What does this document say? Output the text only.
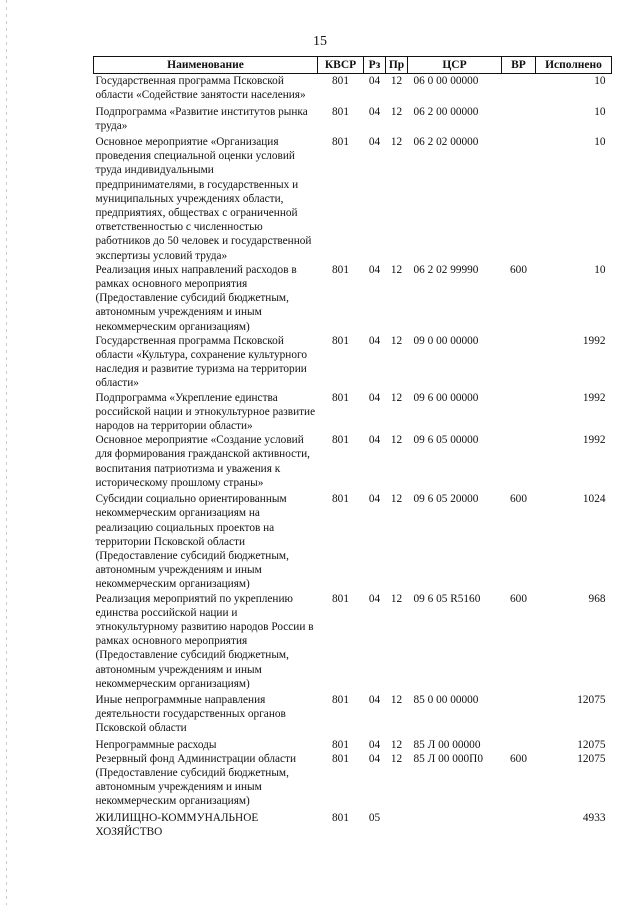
15
Наименование	КВСР	Рз	Пр	ЦСР	ВР	Исполнено
Государственная программа Псковской области «Содействие занятости населения»	801	04	12	06 0 00 00000		10
Подпрограмма «Развитие институтов рынка труда»	801	04	12	06 2 00 00000		10
Основное мероприятие «Организация проведения специальной оценки условий труда индивидуальными предпринимателями, в государственных и муниципальных учреждениях области, предприятиях, обществах с ограниченной ответственностью с численностью работников до 50 человек и государственной экспертизы условий труда»	801	04	12	06 2 02 00000		10
Реализация иных направлений расходов в рамках основного мероприятия (Предоставление субсидий бюджетным, автономным учреждениям и иным некоммерческим организациям)	801	04	12	06 2 02 99990	600	10
Государственная программа Псковской области «Культура, сохранение культурного наследия и развитие туризма на территории области»	801	04	12	09 0 00 00000		1992
Подпрограмма «Укрепление единства российской нации и этнокультурное развитие народов на территории области»	801	04	12	09 6 00 00000		1992
Основное мероприятие «Создание условий для формирования гражданской активности, воспитания патриотизма и уважения к историческому прошлому страны»	801	04	12	09 6 05 00000		1992
Субсидии социально ориентированным некоммерческим организациям на реализацию социальных проектов на территории Псковской области (Предоставление субсидий бюджетным, автономным учреждениям и иным некоммерческим организациям)	801	04	12	09 6 05 20000	600	1024
Реализация мероприятий по укреплению единства российской нации и этнокультурному развитию народов России в рамках основного мероприятия (Предоставление субсидий бюджетным, автономным учреждениям и иным некоммерческим организациям)	801	04	12	09 6 05 R5160	600	968
Иные непрограммные направления деятельности государственных органов Псковской области	801	04	12	85 0 00 00000		12075
Непрограммные расходы	801	04	12	85 Л 00 00000		12075
Резервный фонд Администрации области (Предоставление субсидий бюджетным, автономным учреждениям и иным некоммерческим организациям)	801	04	12	85 Л 00 000П0	600	12075
ЖИЛИЩНО-КОММУНАЛЬНОЕ ХОЗЯЙСТВО	801	05				4933
